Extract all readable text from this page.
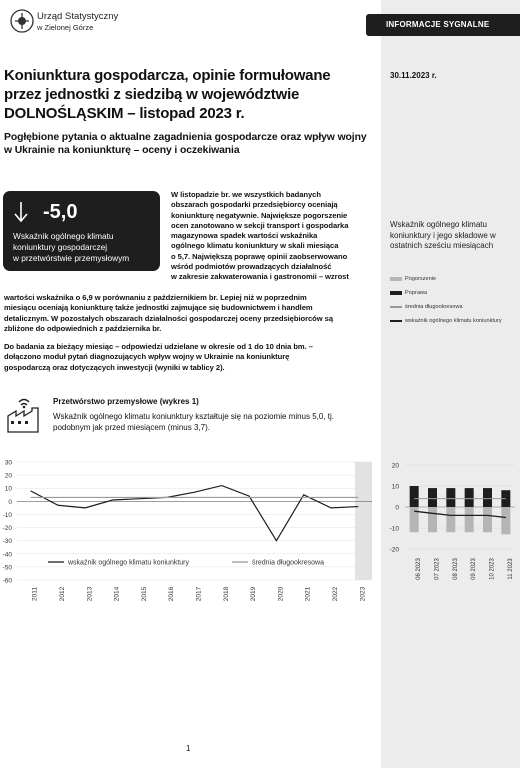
INFORMACJE SYGNALNE
Urząd Statystyczny
w Zielonej Górze
30.11.2023 r.
Koniunktura gospodarcza, opinie formułowane
przez jednostki z siedzibą w województwie
DOLNOŚLĄSKIM – listopad 2023 r.
Pogłębione pytania o aktualne zagadnienia gospodarcze oraz wpływ wojny
w Ukrainie na koniunkturę – oceny i oczekiwania
-5,0
Wskaźnik ogólnego klimatu
koniunktury gospodarczej
w przetwórstwie przemysłowym
W listopadzie br. we wszystkich badanych
obszarach gospodarki przedsiębiorcy oceniają
koniunkturę negatywnie. Największe pogorszenie
ocen zanotowano w sekcji transport i gospodarka
magazynowa spadek wartości wskaźnika
ogólnego klimatu koniunktury w skali miesiąca
o 5,7. Największą poprawę opinii zaobserwowano
wśród podmiotów prowadzących działalność
w zakresie zakwaterowania i gastronomii – wzrost
wartości wskaźnika o 6,9 w porównaniu z październikiem br. Lepiej niż w poprzednim
miesiącu oceniają koniunkturę także jednostki zajmujące się budownictwem i handlem
detalicznym. W pozostałych obszarach działalności gospodarczej oceny przedsiębiorców są
zbliżone do odpowiednich z października br.
Do badania za bieżący miesiąc – odpowiedzi udzielane w okresie od 1 do 10 dnia bm. –
dołączono moduł pytań diagnozujących wpływ wojny w Ukrainie na koniunkturę
gospodarczą oraz dotyczących inwestycji (wyniki w tablicy 2).
Przetwórstwo przemysłowe (wykres 1)
Wskaźnik ogólnego klimatu koniunktury kształtuje się na poziomie minus 5,0, tj. podobnym jak przed miesiącem (minus 3,7).
30
20
10
0
-10
-20
-30
-40
-50
-60
2011	2012	2013	2014	2015	2016	2017	2018	2019	2020	2021	2022	2023
wskaźnik ogólnego klimatu koniunktury	średnia długookresowa
Wskaźnik ogólnego klimatu koniunktury i jego składowe w ostatnich sześciu miesiącach
Pogorszenie
Poprawa
średnia długookresowa
wskaźnik ogólnego klimatu koniunktury
20
10
0
-10
-20
06 2023 07 2023 08 2023 09 2023 10 2023 11 2023
1
